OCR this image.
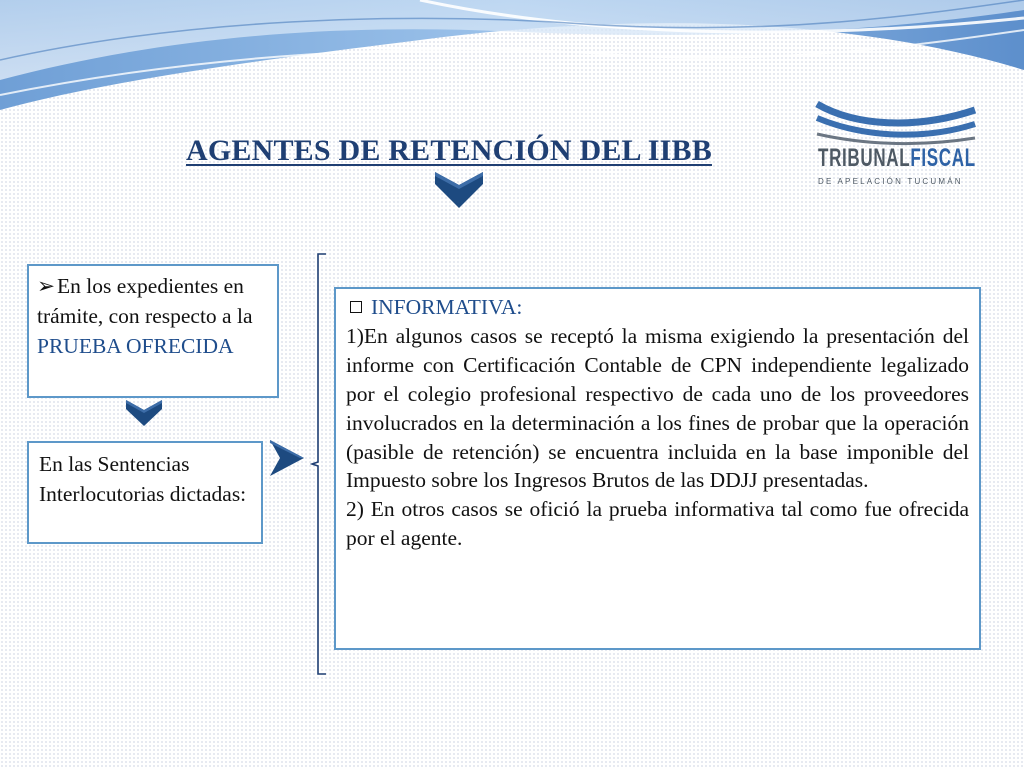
AGENTES DE RETENCIÓN DEL IIBB	TRIBUNALFISCAL
DE APELACIÓN TUCUMÁN
➢En los expedientes en trámite, con respecto a la PRUEBA OFRECIDA
En las Sentencias Interlocutorias dictadas:
INFORMATIVA:

1)En algunos casos se receptó la misma exigiendo la presentación del informe con Certificación Contable de CPN independiente legalizado por el colegio profesional respectivo de cada uno de los proveedores involucrados en la determinación a los fines de probar que la operación (pasible de retención) se encuentra incluida en la base imponible del Impuesto sobre los Ingresos Brutos de las DDJJ presentadas.

2) En otros casos se ofició la prueba informativa tal como fue ofrecida por el agente.
